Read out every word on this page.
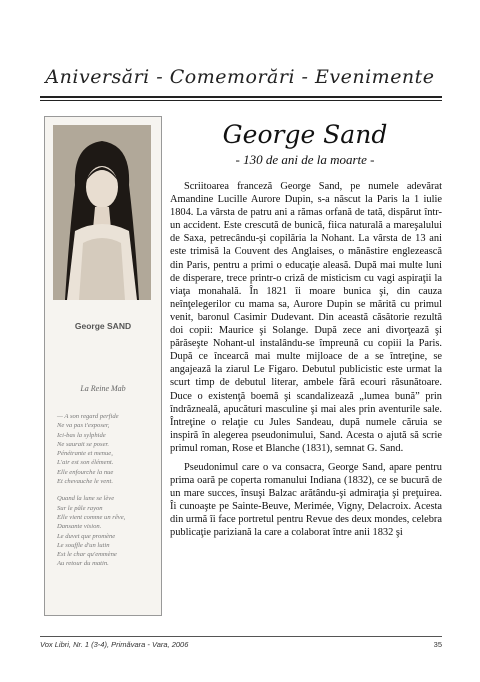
Aniversări - Comemorări - Evenimente
George SAND
La Reine Mab
— A son regard perfide
Ne va pas t'exposer,
Ici-bas la sylphide
Ne saurait se poser.
Pénétrante et menue,
L'air est son élément.
Elle enfourche la nue
Et chevauche le vent.
Quand la lune se lève
Sur le pâle rayon
Elle vient comme un rêve,
Dansante vision.
Le duvet que promène
Le souffle d'un lutin
Est le char qu'emmène
Au retour du matin.
George Sand
- 130 de ani de la moarte -

Scriitoarea franceză George Sand, pe numele adevărat Amandine Lucille Aurore Dupin, s-a născut la Paris la 1 iulie 1804. La vârsta de patru ani a rămas orfană de tată, dispărut într-un accident. Este crescută de bunică, fiica naturală a mareşalului de Saxa, petrecându-şi copilăria la Nohant. La vârsta de 13 ani este trimisă la Couvent des Anglaises, o mănăstire englezească din Paris, pentru a primi o educaţie aleasă. După mai multe luni de disperare, trece printr-o criză de misticism cu vagi aspiraţii la viaţa monahală. În 1821 îi moare bunica şi, din cauza neînţelegerilor cu mama sa, Aurore Dupin se mărită cu primul venit, baronul Casimir Dudevant. Din această căsătorie rezultă doi copii: Maurice şi Solange. După zece ani divorţează şi părăseşte Nohant-ul instalându-se împreună cu copiii la Paris. După ce încearcă mai multe mijloace de a se întreţine, se angajează la ziarul Le Figaro. Debutul publicistic este urmat la scurt timp de debutul literar, ambele fără ecouri răsunătoare. Duce o existenţă boemă şi scandalizează „lumea bună” prin îndrăzneală, apucături masculine şi mai ales prin aventurile sale. Întreţine o relaţie cu Jules Sandeau, după numele căruia se inspiră în alegerea pseudonimului, Sand. Acesta o ajută să scrie primul roman, Rose et Blanche (1831), semnat G. Sand.

Pseudonimul care o va consacra, George Sand, apare pentru prima oară pe coperta romanului Indiana (1832), ce se bucură de un mare succes, însuşi Balzac arătându-şi admiraţia şi preţuirea. Îi cunoaşte pe Sainte-Beuve, Merimée, Vigny, Delacroix. Acesta din urmă îi face portretul pentru Revue des deux mondes, celebra publicaţie pariziană la care a colaborat între anii 1832 şi

Vox Libri, Nr. 1 (3-4), Primăvara - Vara, 2006	35
